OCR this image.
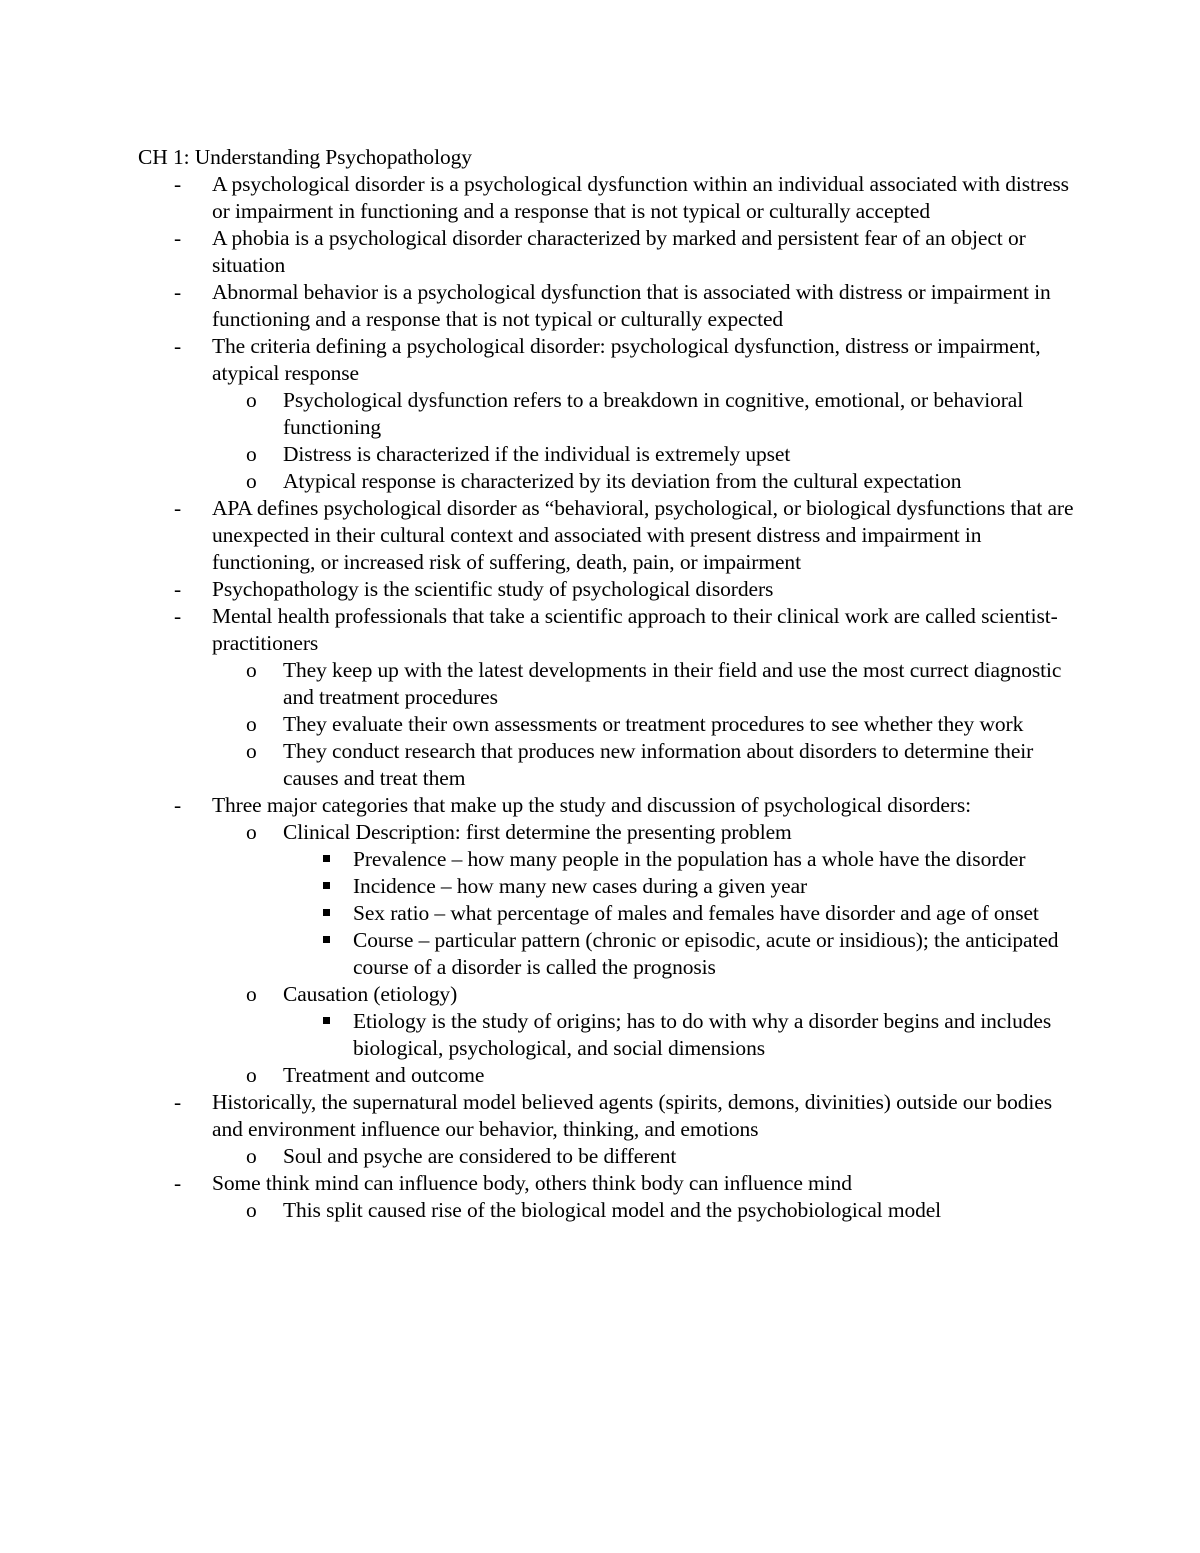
CH 1: Understanding Psychopathology

- A psychological disorder is a psychological dysfunction within an individual associated with distress or impairment in functioning and a response that is not typical or culturally accepted
- A phobia is a psychological disorder characterized by marked and persistent fear of an object or situation
- Abnormal behavior is a psychological dysfunction that is associated with distress or impairment in functioning and a response that is not typical or culturally expected
- The criteria defining a psychological disorder: psychological dysfunction, distress or impairment, atypical response
o Psychological dysfunction refers to a breakdown in cognitive, emotional, or behavioral functioning
o Distress is characterized if the individual is extremely upset
o Atypical response is characterized by its deviation from the cultural expectation
- APA defines psychological disorder as “behavioral, psychological, or biological dysfunctions that are unexpected in their cultural context and associated with present distress and impairment in functioning, or increased risk of suffering, death, pain, or impairment
- Psychopathology is the scientific study of psychological disorders
- Mental health professionals that take a scientific approach to their clinical work are called scientist-practitioners
o They keep up with the latest developments in their field and use the most currect diagnostic and treatment procedures
o They evaluate their own assessments or treatment procedures to see whether they work
o They conduct research that produces new information about disorders to determine their causes and treat them
- Three major categories that make up the study and discussion of psychological disorders:
o Clinical Description: first determine the presenting problem
Prevalence – how many people in the population has a whole have the disorder
Incidence – how many new cases during a given year
Sex ratio – what percentage of males and females have disorder and age of onset
Course – particular pattern (chronic or episodic, acute or insidious); the anticipated course of a disorder is called the prognosis
o Causation (etiology)
Etiology is the study of origins; has to do with why a disorder begins and includes biological, psychological, and social dimensions
o Treatment and outcome
- Historically, the supernatural model believed agents (spirits, demons, divinities) outside our bodies and environment influence our behavior, thinking, and emotions
o Soul and psyche are considered to be different
- Some think mind can influence body, others think body can influence mind
o This split caused rise of the biological model and the psychobiological model
